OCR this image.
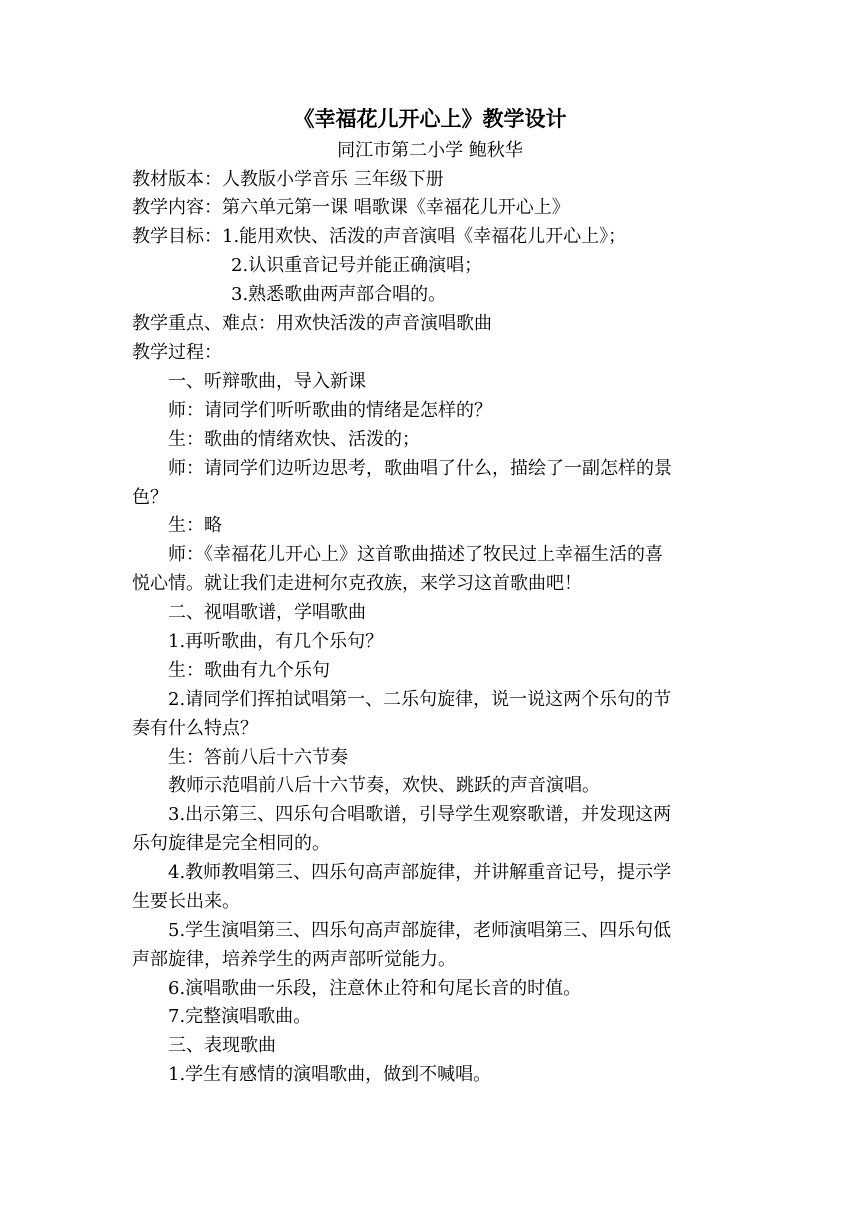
《幸福花儿开心上》教学设计
同江市第二小学 鲍秋华
教材版本：人教版小学音乐 三年级下册
教学内容：第六单元第一课 唱歌课《幸福花儿开心上》
教学目标：1.能用欢快、活泼的声音演唱《幸福花儿开心上》；
2.认识重音记号并能正确演唱；
3.熟悉歌曲两声部合唱的。
教学重点、难点：用欢快活泼的声音演唱歌曲
教学过程：
一、听辩歌曲，导入新课
师：请同学们听听歌曲的情绪是怎样的？
生：歌曲的情绪欢快、活泼的；
师：请同学们边听边思考，歌曲唱了什么，描绘了一副怎样的景
色？
生：略
师：《幸福花儿开心上》这首歌曲描述了牧民过上幸福生活的喜
悦心情。就让我们走进柯尔克孜族，来学习这首歌曲吧！
二、视唱歌谱，学唱歌曲
1.再听歌曲，有几个乐句？
生：歌曲有九个乐句
2.请同学们挥拍试唱第一、二乐句旋律，说一说这两个乐句的节
奏有什么特点？
生：答前八后十六节奏
教师示范唱前八后十六节奏，欢快、跳跃的声音演唱。
3.出示第三、四乐句合唱歌谱，引导学生观察歌谱，并发现这两
乐句旋律是完全相同的。
4.教师教唱第三、四乐句高声部旋律，并讲解重音记号，提示学
生要长出来。
5.学生演唱第三、四乐句高声部旋律，老师演唱第三、四乐句低
声部旋律，培养学生的两声部听觉能力。
6.演唱歌曲一乐段，注意休止符和句尾长音的时值。
7.完整演唱歌曲。
三、表现歌曲
1.学生有感情的演唱歌曲，做到不喊唱。
